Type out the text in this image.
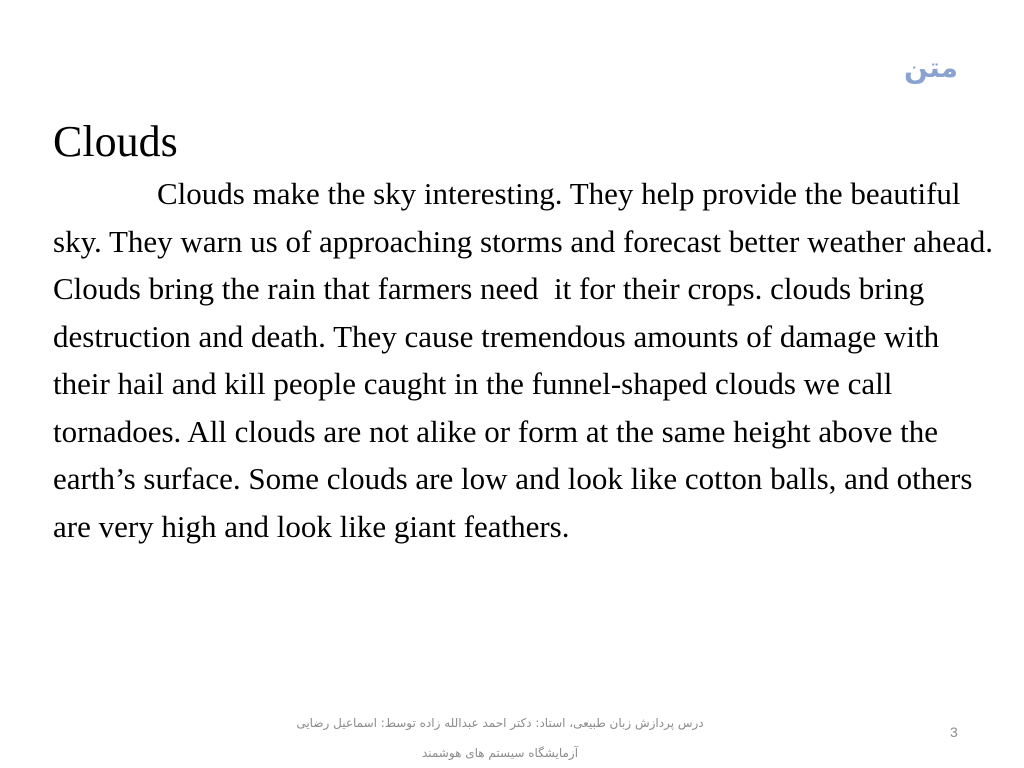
متن
Clouds

Clouds make the sky interesting. They help provide the beautiful sky. They warn us of approaching storms and forecast better weather ahead. Clouds bring the rain that farmers need  it for their crops. clouds bring destruction and death. They cause tremendous amounts of damage with their hail and kill people caught in the funnel-shaped clouds we call tornadoes. All clouds are not alike or form at the same height above the earth’s surface. Some clouds are low and look like cotton balls, and others are very high and look like giant feathers.

درس پردازش زبان طبیعی، استاد: دکتر احمد عبدالله زاده توسط: اسماعیل رضایی
آزمایشگاه سیستم های هوشمند
3
